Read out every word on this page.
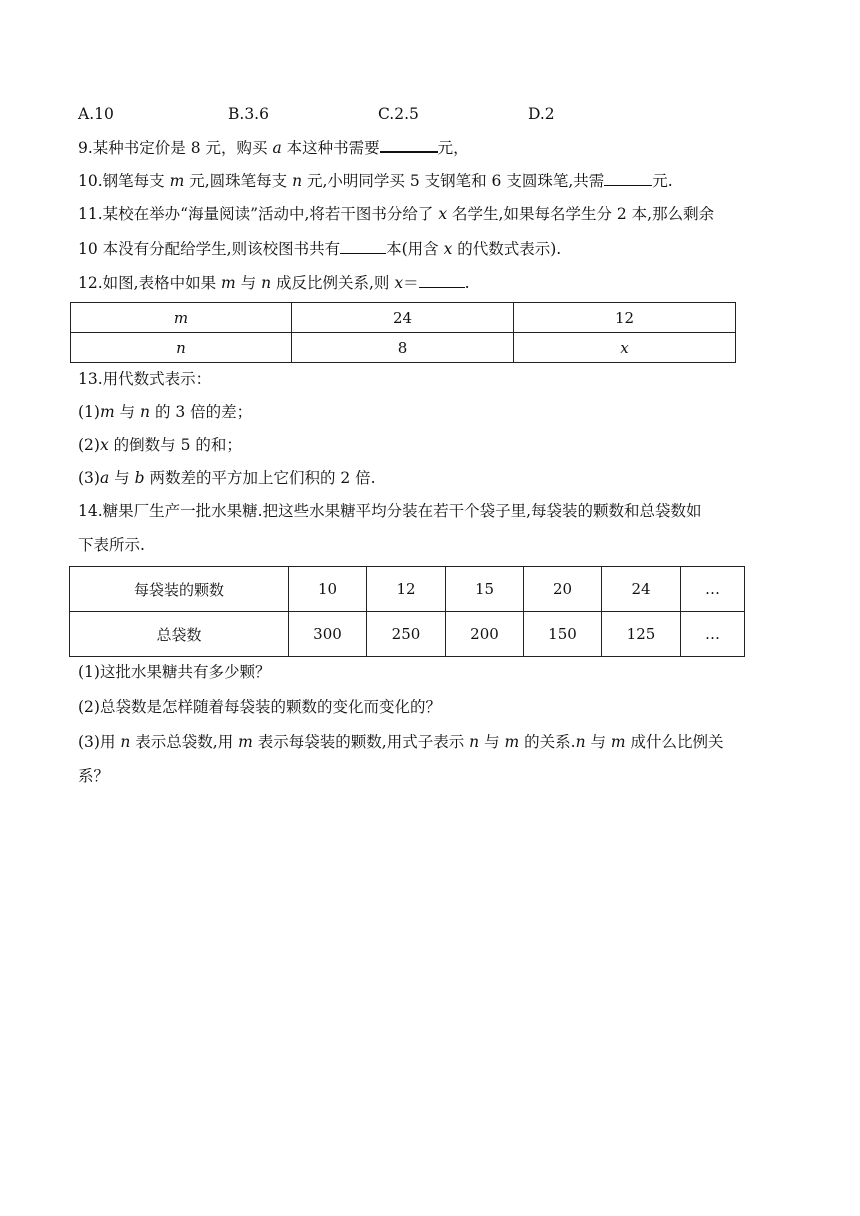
A.10	B.3.6	C.2.5	D.2
9.某种书定价是 8 元，购买 a 本这种书需要	元，
10.钢笔每支 m 元,圆珠笔每支 n 元,小明同学买 5 支钢笔和 6 支圆珠笔,共需	元.
11.某校在举办“海量阅读”活动中,将若干图书分给了 x 名学生,如果每名学生分 2 本,那么剩余
10 本没有分配给学生,则该校图书共有	本(用含 x 的代数式表示).
12.如图,表格中如果 m 与 n 成反比例关系,则 x＝	.
m	24	12
n	8	x
13.用代数式表示：
(1)m 与 n 的 3 倍的差；
(2)x 的倒数与 5 的和；
(3)a 与 b 两数差的平方加上它们积的 2 倍.
14.糖果厂生产一批水果糖.把这些水果糖平均分装在若干个袋子里,每袋装的颗数和总袋数如
下表所示.
每袋装的颗数	10	12	15	20	24	…
总袋数	300	250	200	150	125	…
(1)这批水果糖共有多少颗？
(2)总袋数是怎样随着每袋装的颗数的变化而变化的？
(3)用 n 表示总袋数,用 m 表示每袋装的颗数,用式子表示 n 与 m 的关系.n 与 m 成什么比例关
系？
